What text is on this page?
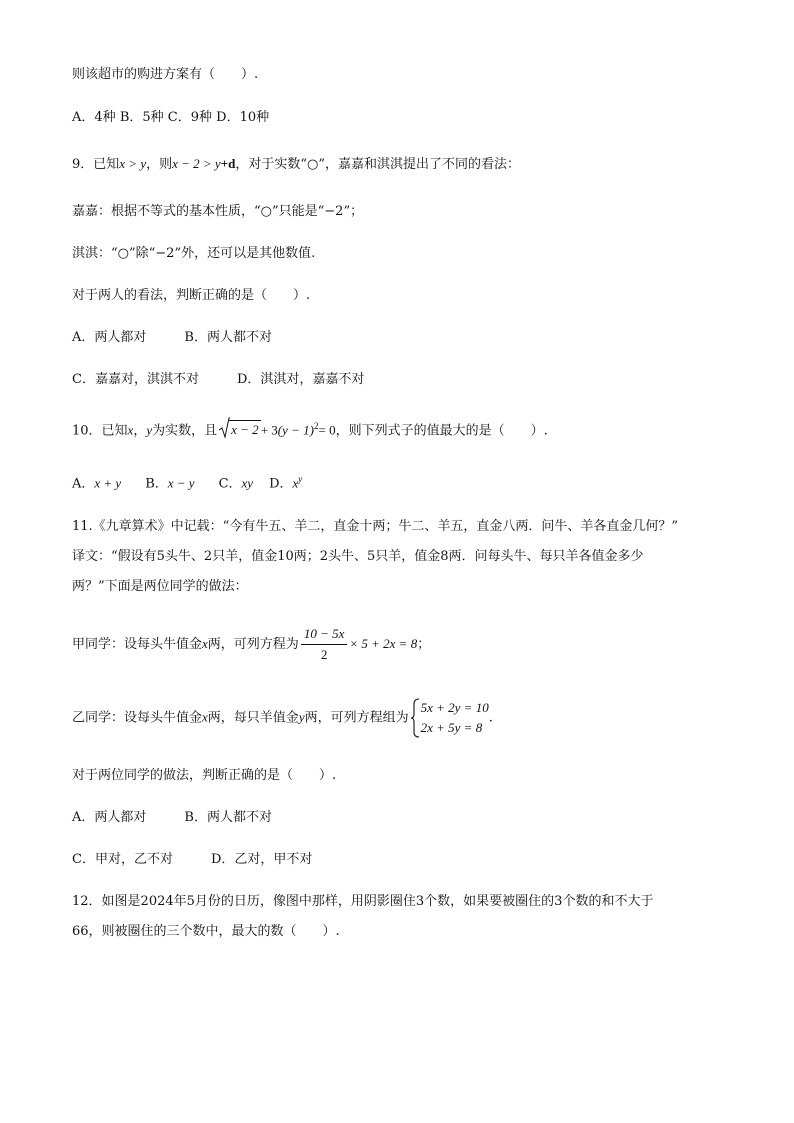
则该超市的购进方案有（　　）.
A．4种 B．5种 C．9种 D．10种
9．已知x > y，则x − 2 > y+d，对于实数“○”，嘉嘉和淇淇提出了不同的看法：
嘉嘉：根据不等式的基本性质，“○”只能是“−2”；
淇淇：“○”除“−2”外，还可以是其他数值.
对于两人的看法，判断正确的是（　　）.
A．两人都对	B．两人都不对
C．嘉嘉对，淇淇不对	D．淇淇对，嘉嘉不对
10．已知x，y为实数，且 $x - 2 + 3(y - 1)^2= 0$，则下列式子的值最大的是（　　）.
A．x + y B．x − y C．xy D．$x^y$
11.《九章算术》中记载：“今有牛五、羊二，直金十两；牛二、羊五，直金八两．问牛、羊各直金几何？”
译文：“假设有5头牛、2只羊，值金10两；2头牛、5只羊，值金8两．问每头牛、每只羊各值金多少
两？”下面是两位同学的做法：
甲同学：设每头牛值金x两，可列方程为 $\frac{10 - 5x}{2} \times 5 + 2x = 8$；
乙同学：设每头牛值金x两，每只羊值金y两，可列方程组为
5x + 2y = 10
2x + 5y = 8
.
对于两位同学的做法，判断正确的是（　　）.
A．两人都对	B．两人都不对
C．甲对，乙不对	D．乙对，甲不对
12．如图是2024年5月份的日历，像图中那样，用阴影圈住3个数，如果要被圈住的3个数的和不大于
66，则被圈住的三个数中，最大的数（　　）.
